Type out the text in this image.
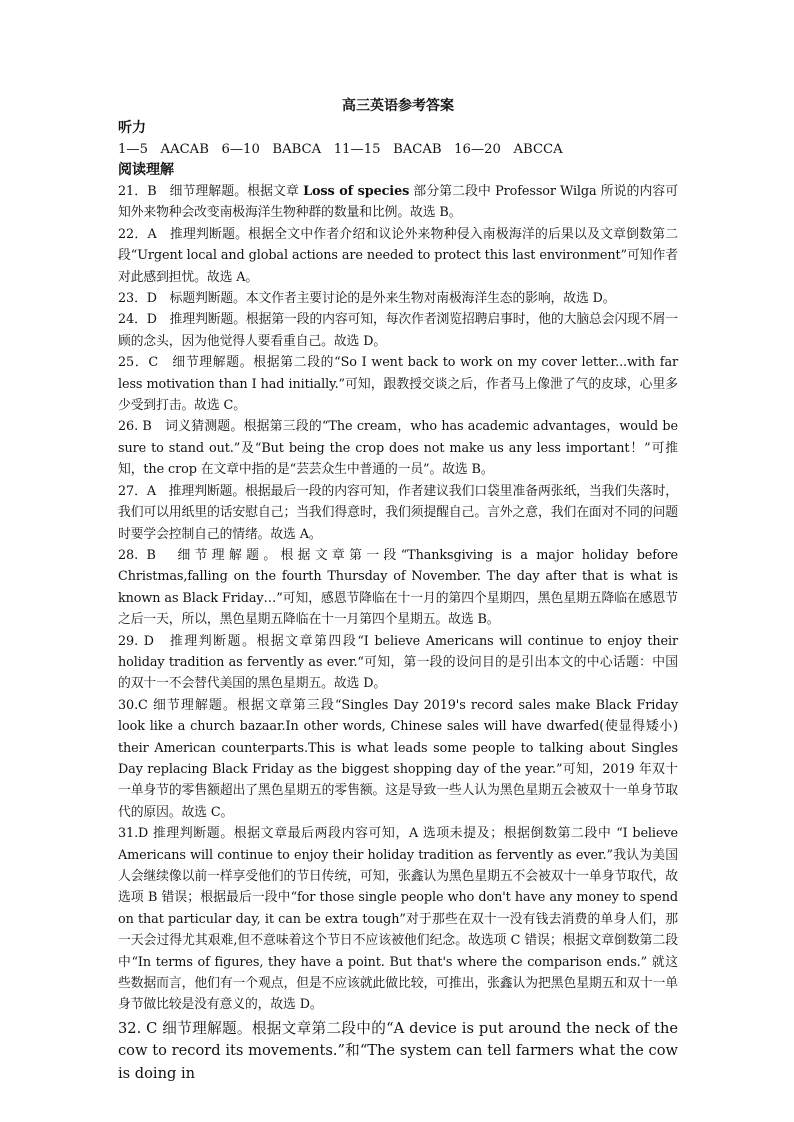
高三英语参考答案

听力

1—5   AACAB   6—10   BABCA   11—15   BACAB   16—20   ABCCA

阅读理解

21．B　细节理解题。根据文章 Loss of species 部分第二段中 Professor Wilga 所说的内容可知外来物种会改变南极海洋生物种群的数量和比例。故选 B。

22．A　推理判断题。根据全文中作者介绍和议论外来物种侵入南极海洋的后果以及文章倒数第二段“Urgent local and global actions are needed to protect this last environment”可知作者对此感到担忧。故选 A。

23．D　标题判断题。本文作者主要讨论的是外来生物对南极海洋生态的影响，故选 D。

24．D　推理判断题。根据第一段的内容可知，每次作者浏览招聘启事时，他的大脑总会闪现不屑一顾的念头，因为他觉得人要看重自己。故选 D。

25．C　细节理解题。根据第二段的“So I went back to work on my cover letter...with far less motivation than I had initially.”可知，跟教授交谈之后，作者马上像泄了气的皮球，心里多少受到打击。故选 C。

26. B　词义猜测题。根据第三段的“The cream，who has academic advantages，would be sure to stand out.”及“But being the crop does not make us any less important！”可推知，the crop 在文章中指的是“芸芸众生中普通的一员”。故选 B。

27．A　推理判断题。根据最后一段的内容可知，作者建议我们口袋里准备两张纸，当我们失落时，我们可以用纸里的话安慰自己；当我们得意时，我们须提醒自己。言外之意，我们在面对不同的问题时要学会控制自己的情绪。故选 A。

28. B　细节理解题。根据文章第一段“Thanksgiving is a major holiday before Christmas,falling on the fourth Thursday of November. The day after that is what is known as Black Friday…”可知，感恩节降临在十一月的第四个星期四，黑色星期五降临在感恩节之后一天，所以，黑色星期五降临在十一月第四个星期五。故选 B。

29. D　推理判断题。根据文章第四段“I believe Americans will continue to enjoy their holiday tradition as fervently as ever.“可知，第一段的设问目的是引出本文的中心话题：中国的双十一不会替代美国的黑色星期五。故选 D。

30.C 细节理解题。根据文章第三段“Singles Day 2019's record sales make Black Friday look like a church bazaar.In other words, Chinese sales will have dwarfed(使显得矮小) their American counterparts.This is what leads some people to talking about Singles Day replacing Black Friday as the biggest shopping day of the year.”可知，2019 年双十一单身节的零售额超出了黑色星期五的零售额。这是导致一些人认为黑色星期五会被双十一单身节取代的原因。故选 C。

31.D 推理判断题。根据文章最后两段内容可知，A 选项未提及；根据倒数第二段中 “I believe Americans will continue to enjoy their holiday tradition as fervently as ever.”我认为美国人会继续像以前一样享受他们的节日传统，可知，张鑫认为黑色星期五不会被双十一单身节取代，故选项 B 错误；根据最后一段中“for those single people who don't have any money to spend on that particular day, it can be extra tough”对于那些在双十一没有钱去消费的单身人们，那一天会过得尤其艰难,但不意味着这个节日不应该被他们纪念。故选项 C 错误；根据文章倒数第二段中“In terms of figures, they have a point. But that's where the comparison ends.” 就这些数据而言，他们有一个观点，但是不应该就此做比较，可推出，张鑫认为把黑色星期五和双十一单身节做比较是没有意义的，故选 D。

32. C 细节理解题。根据文章第二段中的“A device is put around the neck of the cow to record its movements.”和“The system can tell farmers what the cow is doing in
